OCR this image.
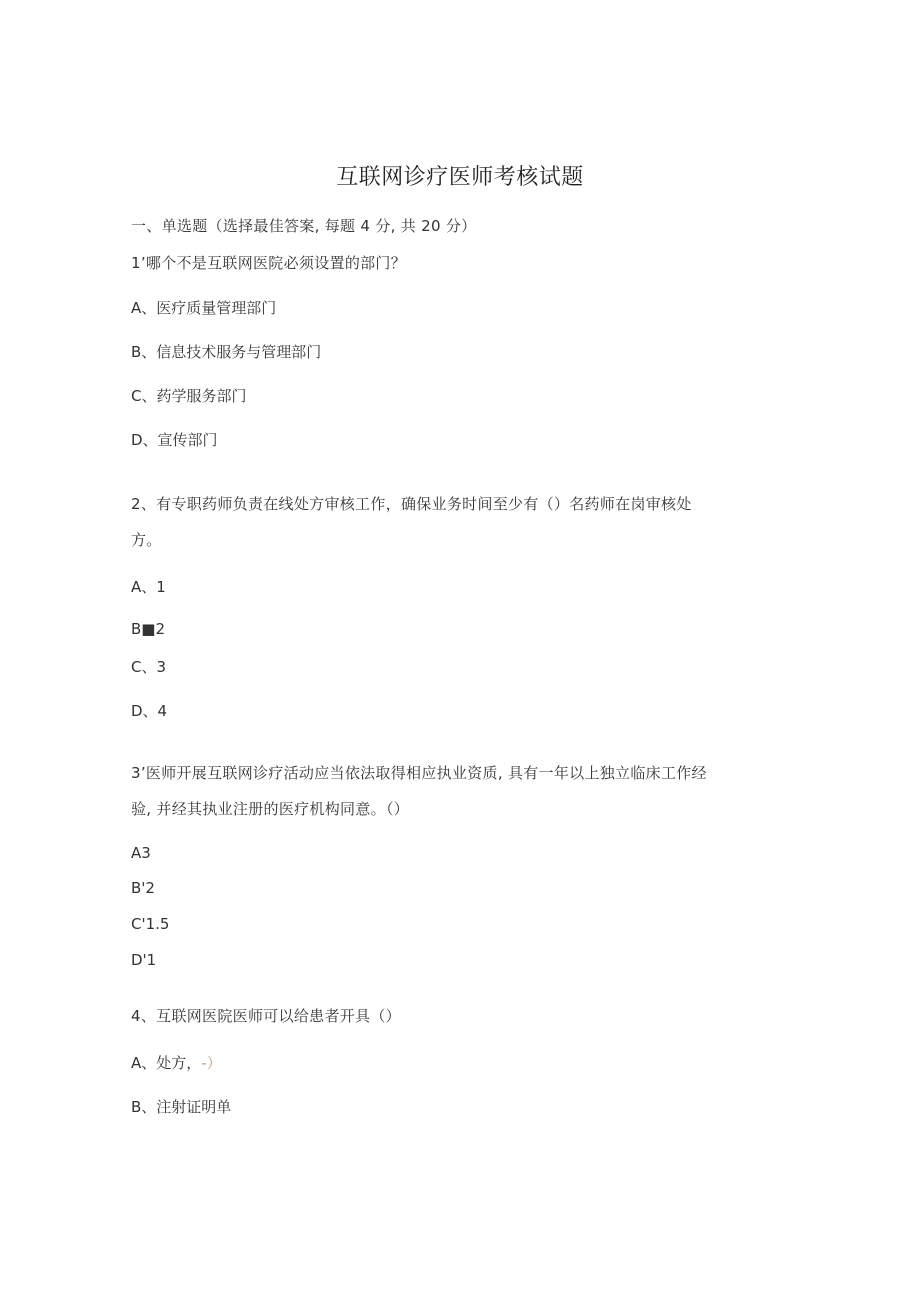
互联网诊疗医师考核试题
一、单选题（选择最佳答案, 每题 4 分, 共 20 分）
1’哪个不是互联网医院必须设置的部门？
A、医疗质量管理部门
B、信息技术服务与管理部门
C、药学服务部门
D、宣传部门
2、有专职药师负责在线处方审核工作，确保业务时间至少有（）名药师在岗审核处
方。
A、1
B■2
C、3
D、4
3’医师开展互联网诊疗活动应当依法取得相应执业资质, 具有一年以上独立临床工作经
验, 并经其执业注册的医疗机构同意。（）
A3
B'2
C'1.5
D'1
4、互联网医院医师可以给患者开具（）
A、处方，-）
B、注射证明单
